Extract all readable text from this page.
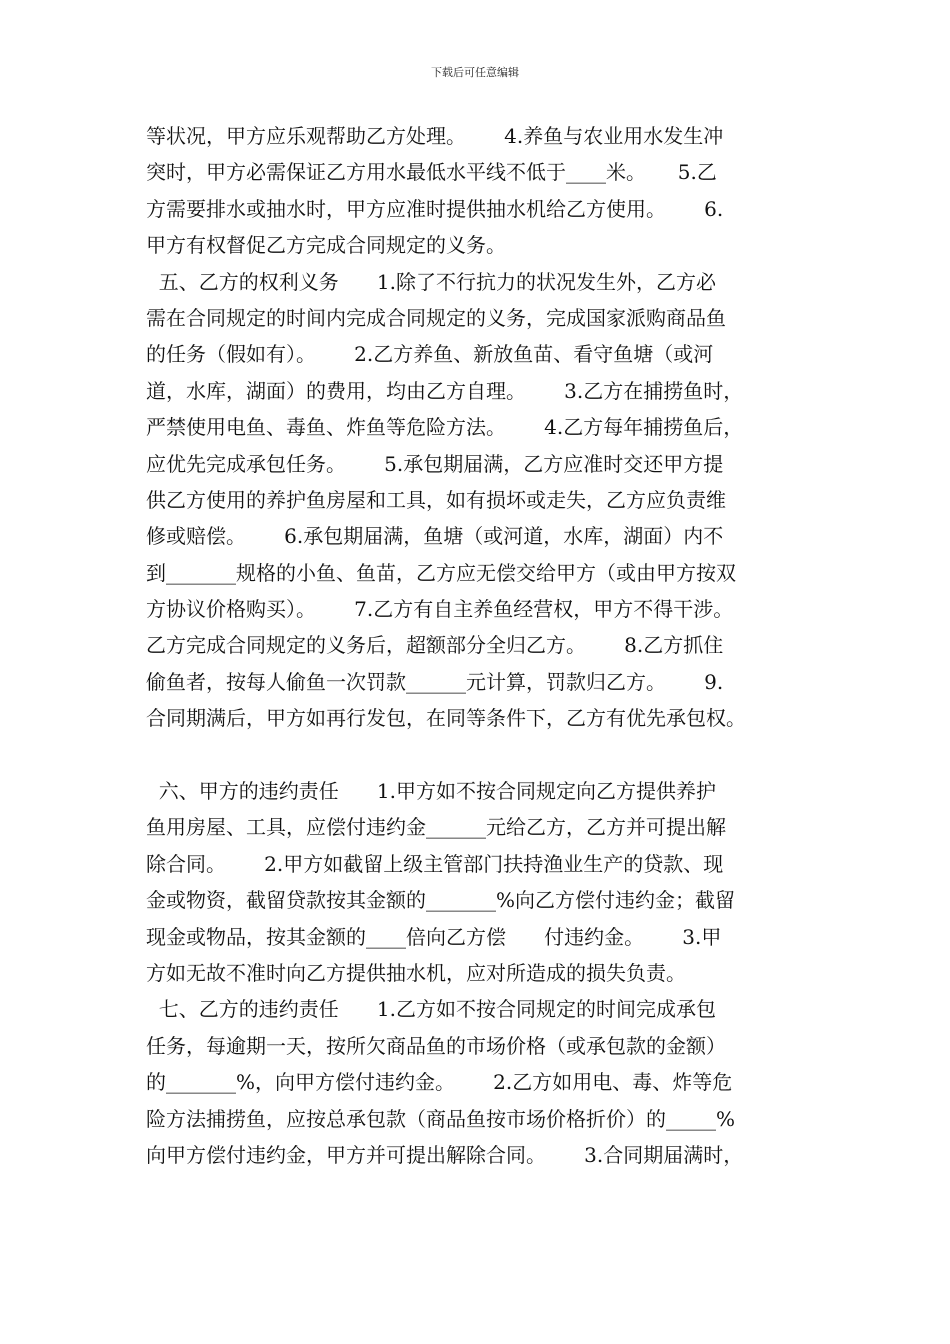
下载后可任意编辑
等状况，甲方应乐观帮助乙方处理。      4.养鱼与农业用水发生冲
突时，甲方必需保证乙方用水最低水平线不低于____米。     5.乙
方需要排水或抽水时，甲方应准时提供抽水机给乙方使用。      6.
甲方有权督促乙方完成合同规定的义务。
五、乙方的权利义务      1.除了不行抗力的状况发生外，乙方必
需在合同规定的时间内完成合同规定的义务，完成国家派购商品鱼
的任务（假如有）。      2.乙方养鱼、新放鱼苗、看守鱼塘（或河
道，水库，湖面）的费用，均由乙方自理。      3.乙方在捕捞鱼时，
严禁使用电鱼、毒鱼、炸鱼等危险方法。      4.乙方每年捕捞鱼后，
应优先完成承包任务。      5.承包期届满，乙方应准时交还甲方提
供乙方使用的养护鱼房屋和工具，如有损坏或走失，乙方应负责维
修或赔偿。      6.承包期届满，鱼塘（或河道，水库，湖面）内不
到_______规格的小鱼、鱼苗，乙方应无偿交给甲方（或由甲方按双
方协议价格购买）。      7.乙方有自主养鱼经营权，甲方不得干涉。
乙方完成合同规定的义务后，超额部分全归乙方。      8.乙方抓住
偷鱼者，按每人偷鱼一次罚款______元计算，罚款归乙方。      9.
合同期满后，甲方如再行发包，在同等条件下，乙方有优先承包权。
六、甲方的违约责任      1.甲方如不按合同规定向乙方提供养护
鱼用房屋、工具，应偿付违约金______元给乙方，乙方并可提出解
除合同。      2.甲方如截留上级主管部门扶持渔业生产的贷款、现
金或物资，截留贷款按其金额的_______%向乙方偿付违约金；截留
现金或物品，按其金额的____倍向乙方偿      付违约金。      3.甲
方如无故不准时向乙方提供抽水机，应对所造成的损失负责。
七、乙方的违约责任      1.乙方如不按合同规定的时间完成承包
任务，每逾期一天，按所欠商品鱼的市场价格（或承包款的金额）
的_______%，向甲方偿付违约金。      2.乙方如用电、毒、炸等危
险方法捕捞鱼，应按总承包款（商品鱼按市场价格折价）的_____%
向甲方偿付违约金，甲方并可提出解除合同。      3.合同期届满时，
